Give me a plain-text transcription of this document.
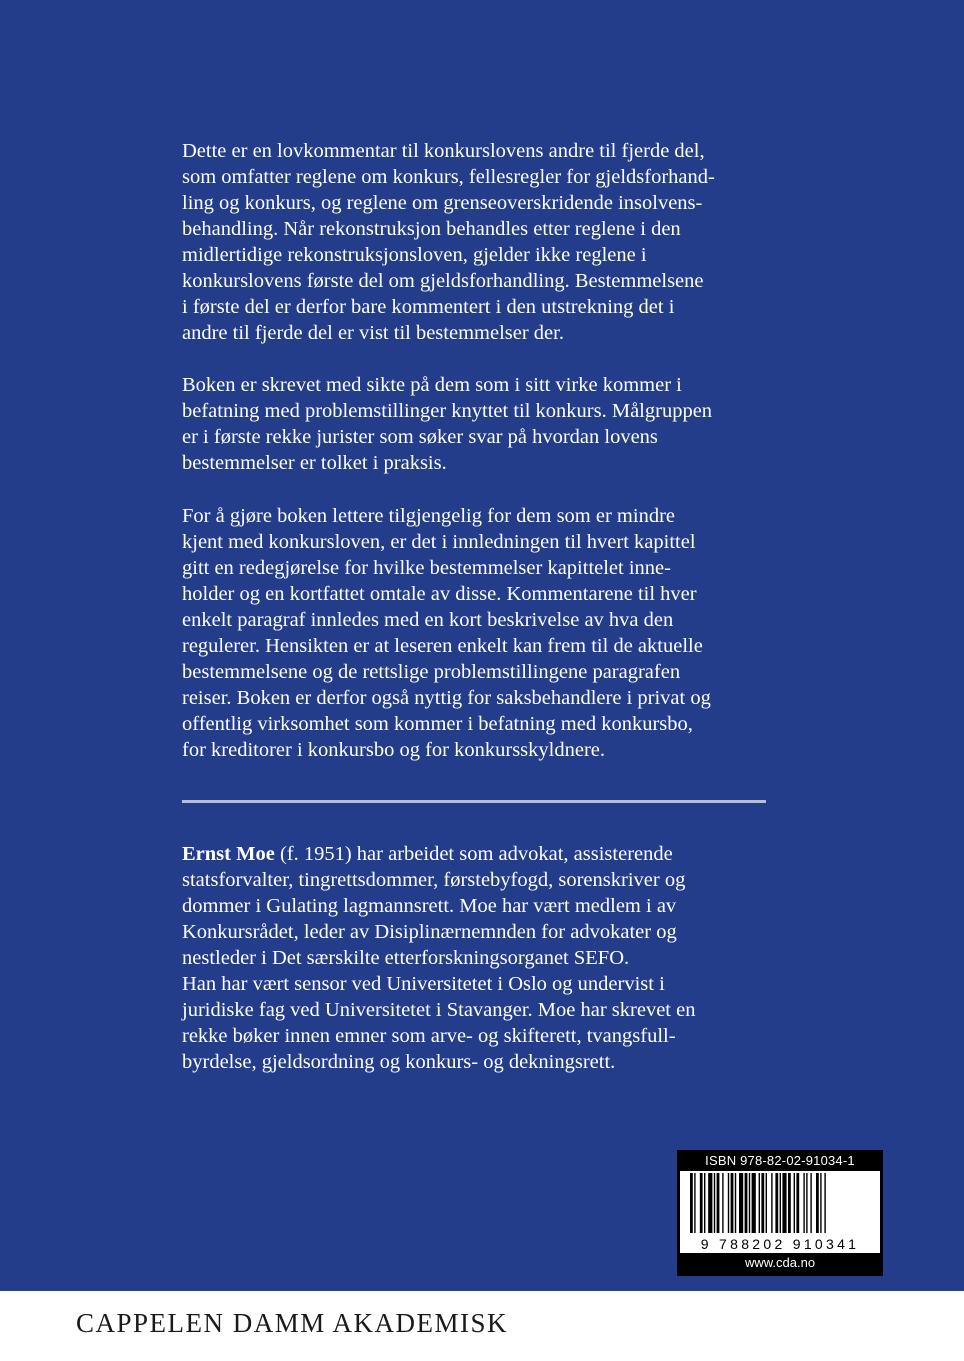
Dette er en lovkommentar til konkurslovens andre til fjerde del,
som omfatter reglene om konkurs, fellesregler for gjeldsforhand-
ling og konkurs, og reglene om grenseoverskridende insolvens-
behandling. Når rekonstruksjon behandles etter reglene i den
midlertidige rekonstruksjonsloven, gjelder ikke reglene i
konkurslovens første del om gjeldsforhandling. Bestemmelsene
i første del er derfor bare kommentert i den utstrekning det i
andre til fjerde del er vist til bestemmelser der.
Boken er skrevet med sikte på dem som i sitt virke kommer i
befatning med problemstillinger knyttet til konkurs. Målgruppen
er i første rekke jurister som søker svar på hvordan lovens
bestemmelser er tolket i praksis.
For å gjøre boken lettere tilgjengelig for dem som er mindre
kjent med konkursloven, er det i innledningen til hvert kapittel
gitt en redegjørelse for hvilke bestemmelser kapittelet inne-
holder og en kortfattet omtale av disse. Kommentarene til hver
enkelt paragraf innledes med en kort beskrivelse av hva den
regulerer. Hensikten er at leseren enkelt kan frem til de aktuelle
bestemmelsene og de rettslige problemstillingene paragrafen
reiser. Boken er derfor også nyttig for saksbehandlere i privat og
offentlig virksomhet som kommer i befatning med konkursbo,
for kreditorer i konkursbo og for konkursskyldnere.
Ernst Moe (f. 1951) har arbeidet som advokat, assisterende
statsforvalter, tingrettsdommer, førstebyfogd, sorenskriver og
dommer i Gulating lagmannsrett. Moe har vært medlem i av
Konkursrådet, leder av Disiplinærnemnden for advokater og
nestleder i Det særskilte etterforskningsorganet SEFO.
Han har vært sensor ved Universitetet i Oslo og undervist i
juridiske fag ved Universitetet i Stavanger. Moe har skrevet en
rekke bøker innen emner som arve- og skifterett, tvangsfull-
byrdelse, gjeldsordning og konkurs- og dekningsrett.
ISBN 978-82-02-91034-1
9 788202 910341
www.cda.no
CAPPELEN DAMM AKADEMISK
